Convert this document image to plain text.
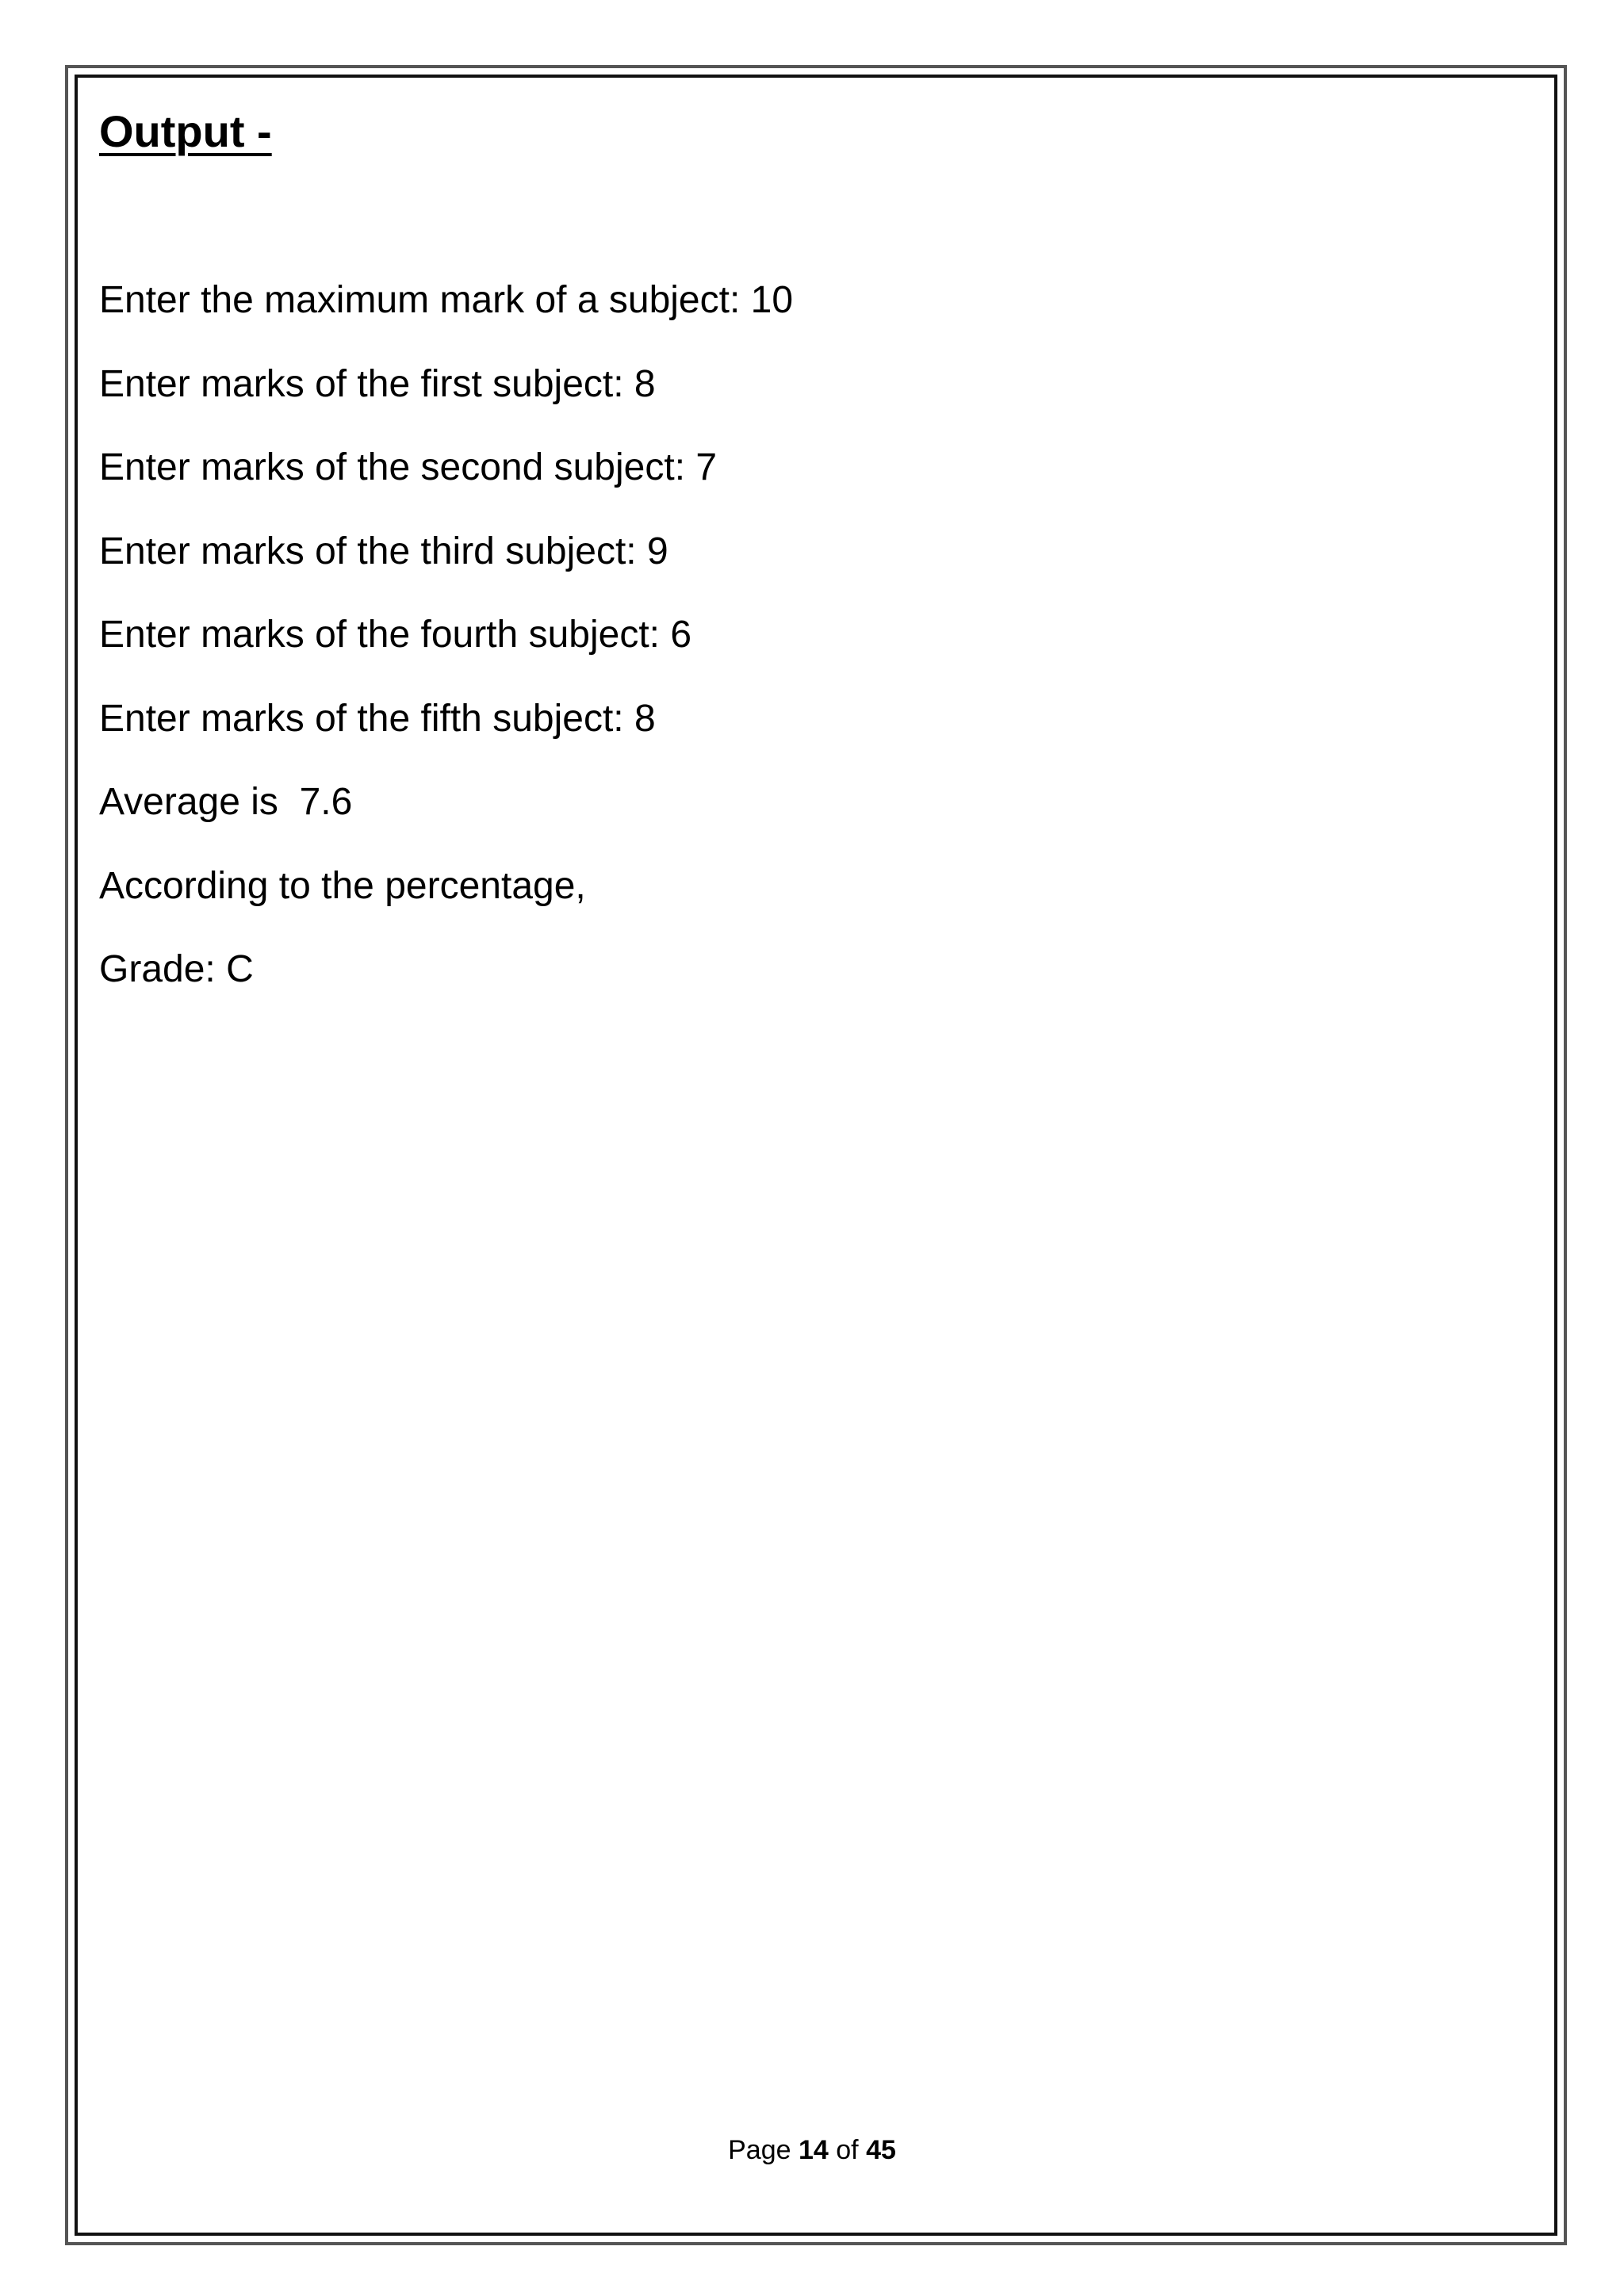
Output -
Enter the maximum mark of a subject: 10
Enter marks of the first subject: 8
Enter marks of the second subject: 7
Enter marks of the third subject: 9
Enter marks of the fourth subject: 6
Enter marks of the fifth subject: 8
Average is  7.6
According to the percentage,
Grade: C
Page 14 of 45
